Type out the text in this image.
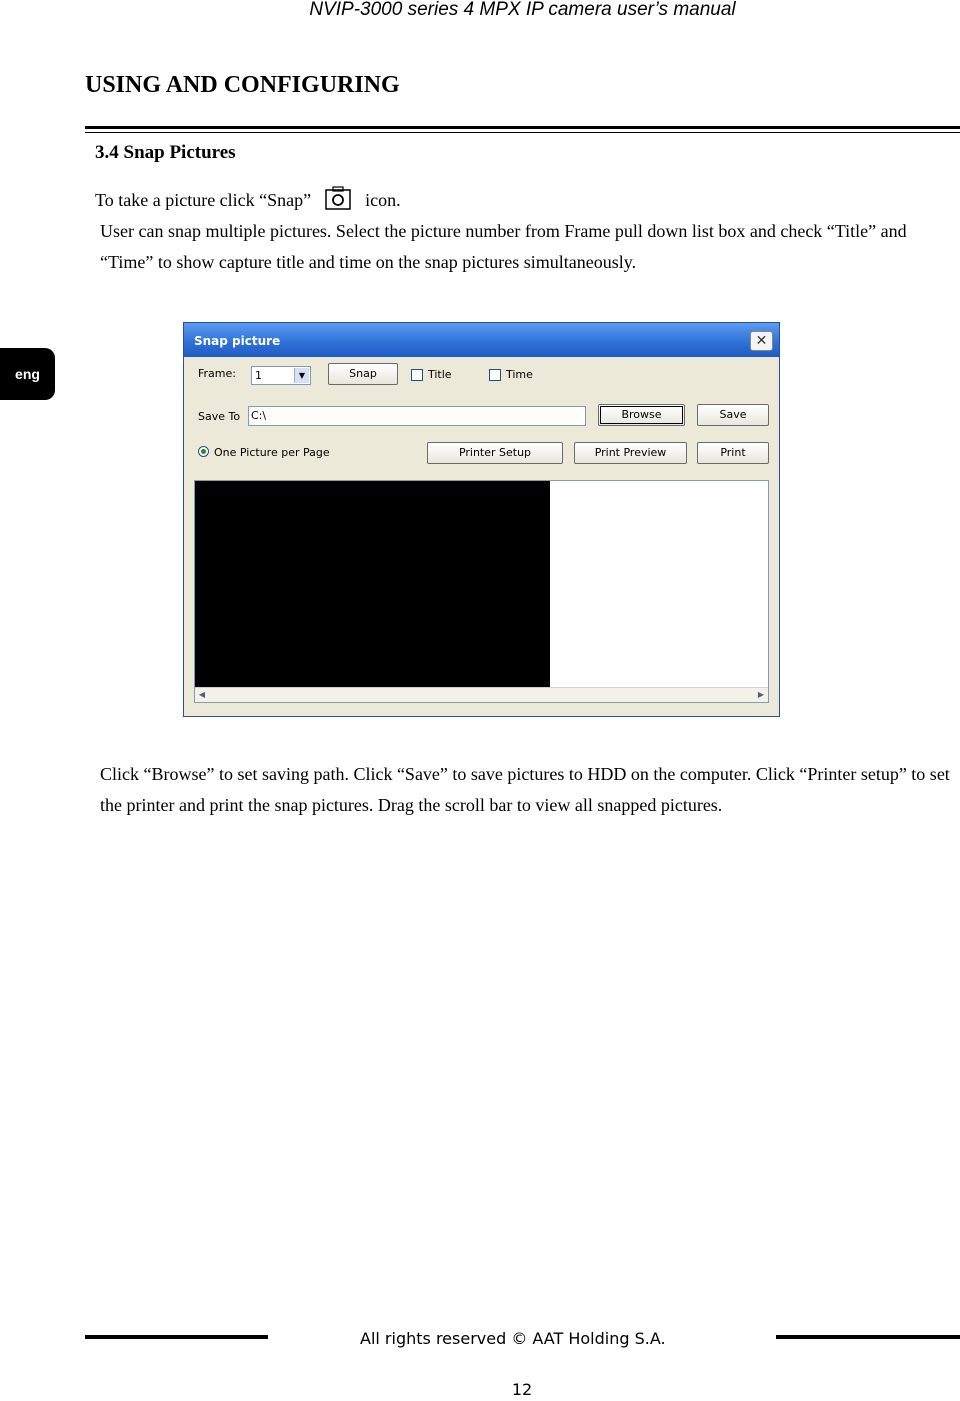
NVIP-3000 series 4 MPX IP camera user’s manual
USING AND CONFIGURING
3.4 Snap Pictures
To take a picture click “Snap”	icon.
User can snap multiple pictures. Select the picture number from Frame pull down list box and check “Title” and “Time” to show capture title and time on the snap pictures simultaneously.
eng
Snap picture	✕
Frame: 1	▼	Snap	Title	Time
Save To C:\	Browse	Save
One Picture per Page	Printer Setup	Print Preview	Print
◀	▶
Click “Browse” to set saving path. Click “Save” to save pictures to HDD on the computer. Click “Printer setup” to set the printer and print the snap pictures. Drag the scroll bar to view all snapped pictures.
All rights reserved © AAT Holding S.A.
12
